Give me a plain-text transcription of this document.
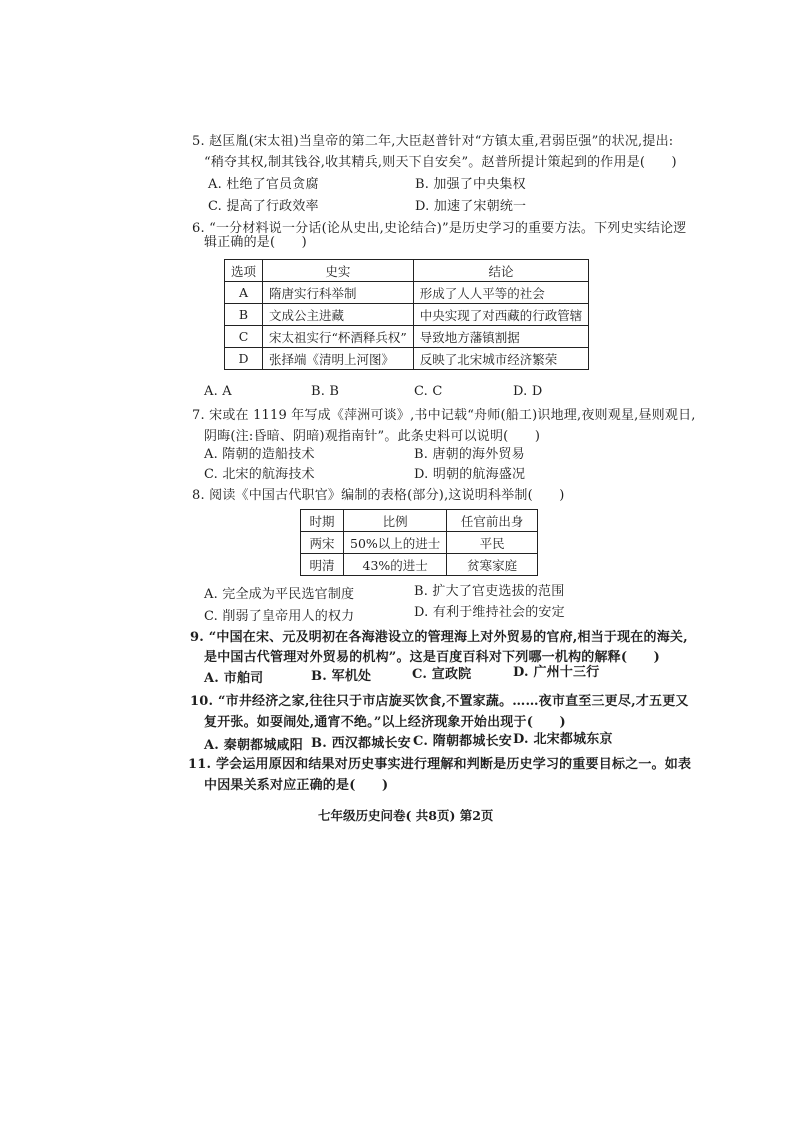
5. 赵匡胤(宋太祖)当皇帝的第二年,大臣赵普针对“方镇太重,君弱臣强”的状况,提出:
“稍夺其权,制其钱谷,收其精兵,则天下自安矣”。赵普所提计策起到的作用是(　　)
A. 杜绝了官员贪腐	B. 加强了中央集权
C. 提高了行政效率	D. 加速了宋朝统一
6. “一分材料说一分话(论从史出,史论结合)”是历史学习的重要方法。下列史实结论逻
辑正确的是(　　)
选项	史实	结论
A	隋唐实行科举制	形成了人人平等的社会
B	文成公主进藏	中央实现了对西藏的行政管辖
C	宋太祖实行“杯酒释兵权”	导致地方藩镇割据
D	张择端《清明上河图》	反映了北宋城市经济繁荣
A. A	B. B	C. C	D. D
7. 宋或在 1119 年写成《萍洲可谈》,书中记载“舟师(船工)识地理,夜则观星,昼则观日,
阴晦(注:昏暗、阴暗)观指南针”。此条史料可以说明(　　)
A. 隋朝的造船技术	B. 唐朝的海外贸易
C. 北宋的航海技术	D. 明朝的航海盛况
8. 阅读《中国古代职官》编制的表格(部分),这说明科举制(　　)
时期	比例	任官前出身
两宋	50%以上的进士	平民
明清	43%的进士	贫寒家庭
A. 完全成为平民选官制度	B. 扩大了官吏选拔的范围
C. 削弱了皇帝用人的权力	D. 有利于维持社会的安定
9. “中国在宋、元及明初在各海港设立的管理海上对外贸易的官府,相当于现在的海关,
是中国古代管理对外贸易的机构”。这是百度百科对下列哪一机构的解释(　　)
A. 市舶司	B. 军机处	C. 宣政院	D. 广州十三行
10. “市井经济之家,往往只于市店旋买饮食,不置家蔬。……夜市直至三更尽,才五更又
复开张。如耍闹处,通宵不绝。”以上经济现象开始出现于(　　)
A. 秦朝都城咸阳 B. 西汉都城长安 C. 隋朝都城长安 D. 北宋都城东京
11. 学会运用原因和结果对历史事实进行理解和判断是历史学习的重要目标之一。如表
中因果关系对应正确的是(　　)
七年级历史问卷( 共8页) 第2页
